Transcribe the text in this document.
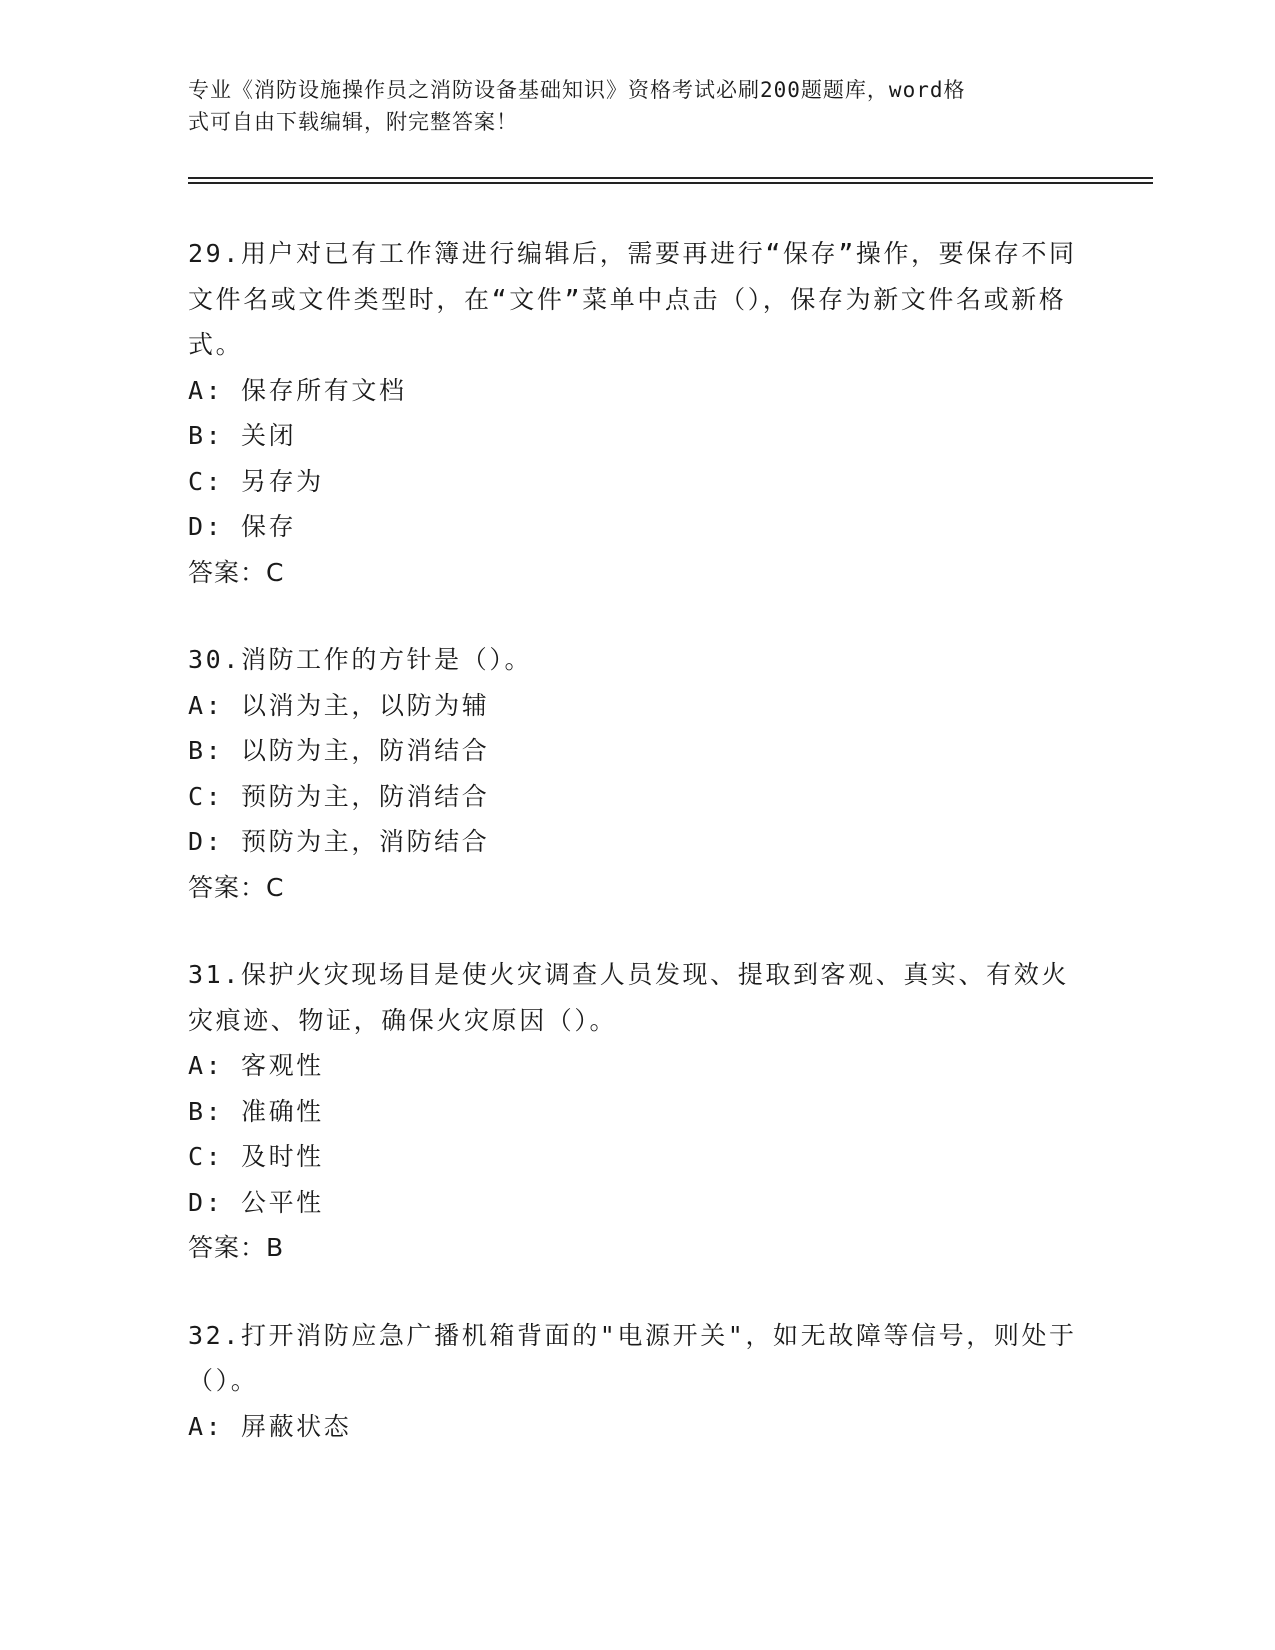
专业《消防设施操作员之消防设备基础知识》资格考试必刷200题题库，word格
式可自由下载编辑，附完整答案！

29.用户对已有工作簿进行编辑后，需要再进行“保存”操作，要保存不同文件名或文件类型时，在“文件”菜单中点击（），保存为新文件名或新格式。

A: 保存所有文档

B: 关闭

C: 另存为

D: 保存

答案：C

30.消防工作的方针是（）。

A: 以消为主，以防为辅

B: 以防为主，防消结合

C: 预防为主，防消结合

D: 预防为主，消防结合

答案：C

31.保护火灾现场目是使火灾调查人员发现、提取到客观、真实、有效火灾痕迹、物证，确保火灾原因（）。

A: 客观性

B: 准确性

C: 及时性

D: 公平性

答案：B

32.打开消防应急广播机箱背面的"电源开关"，如无故障等信号，则处于（）。

A: 屏蔽状态
